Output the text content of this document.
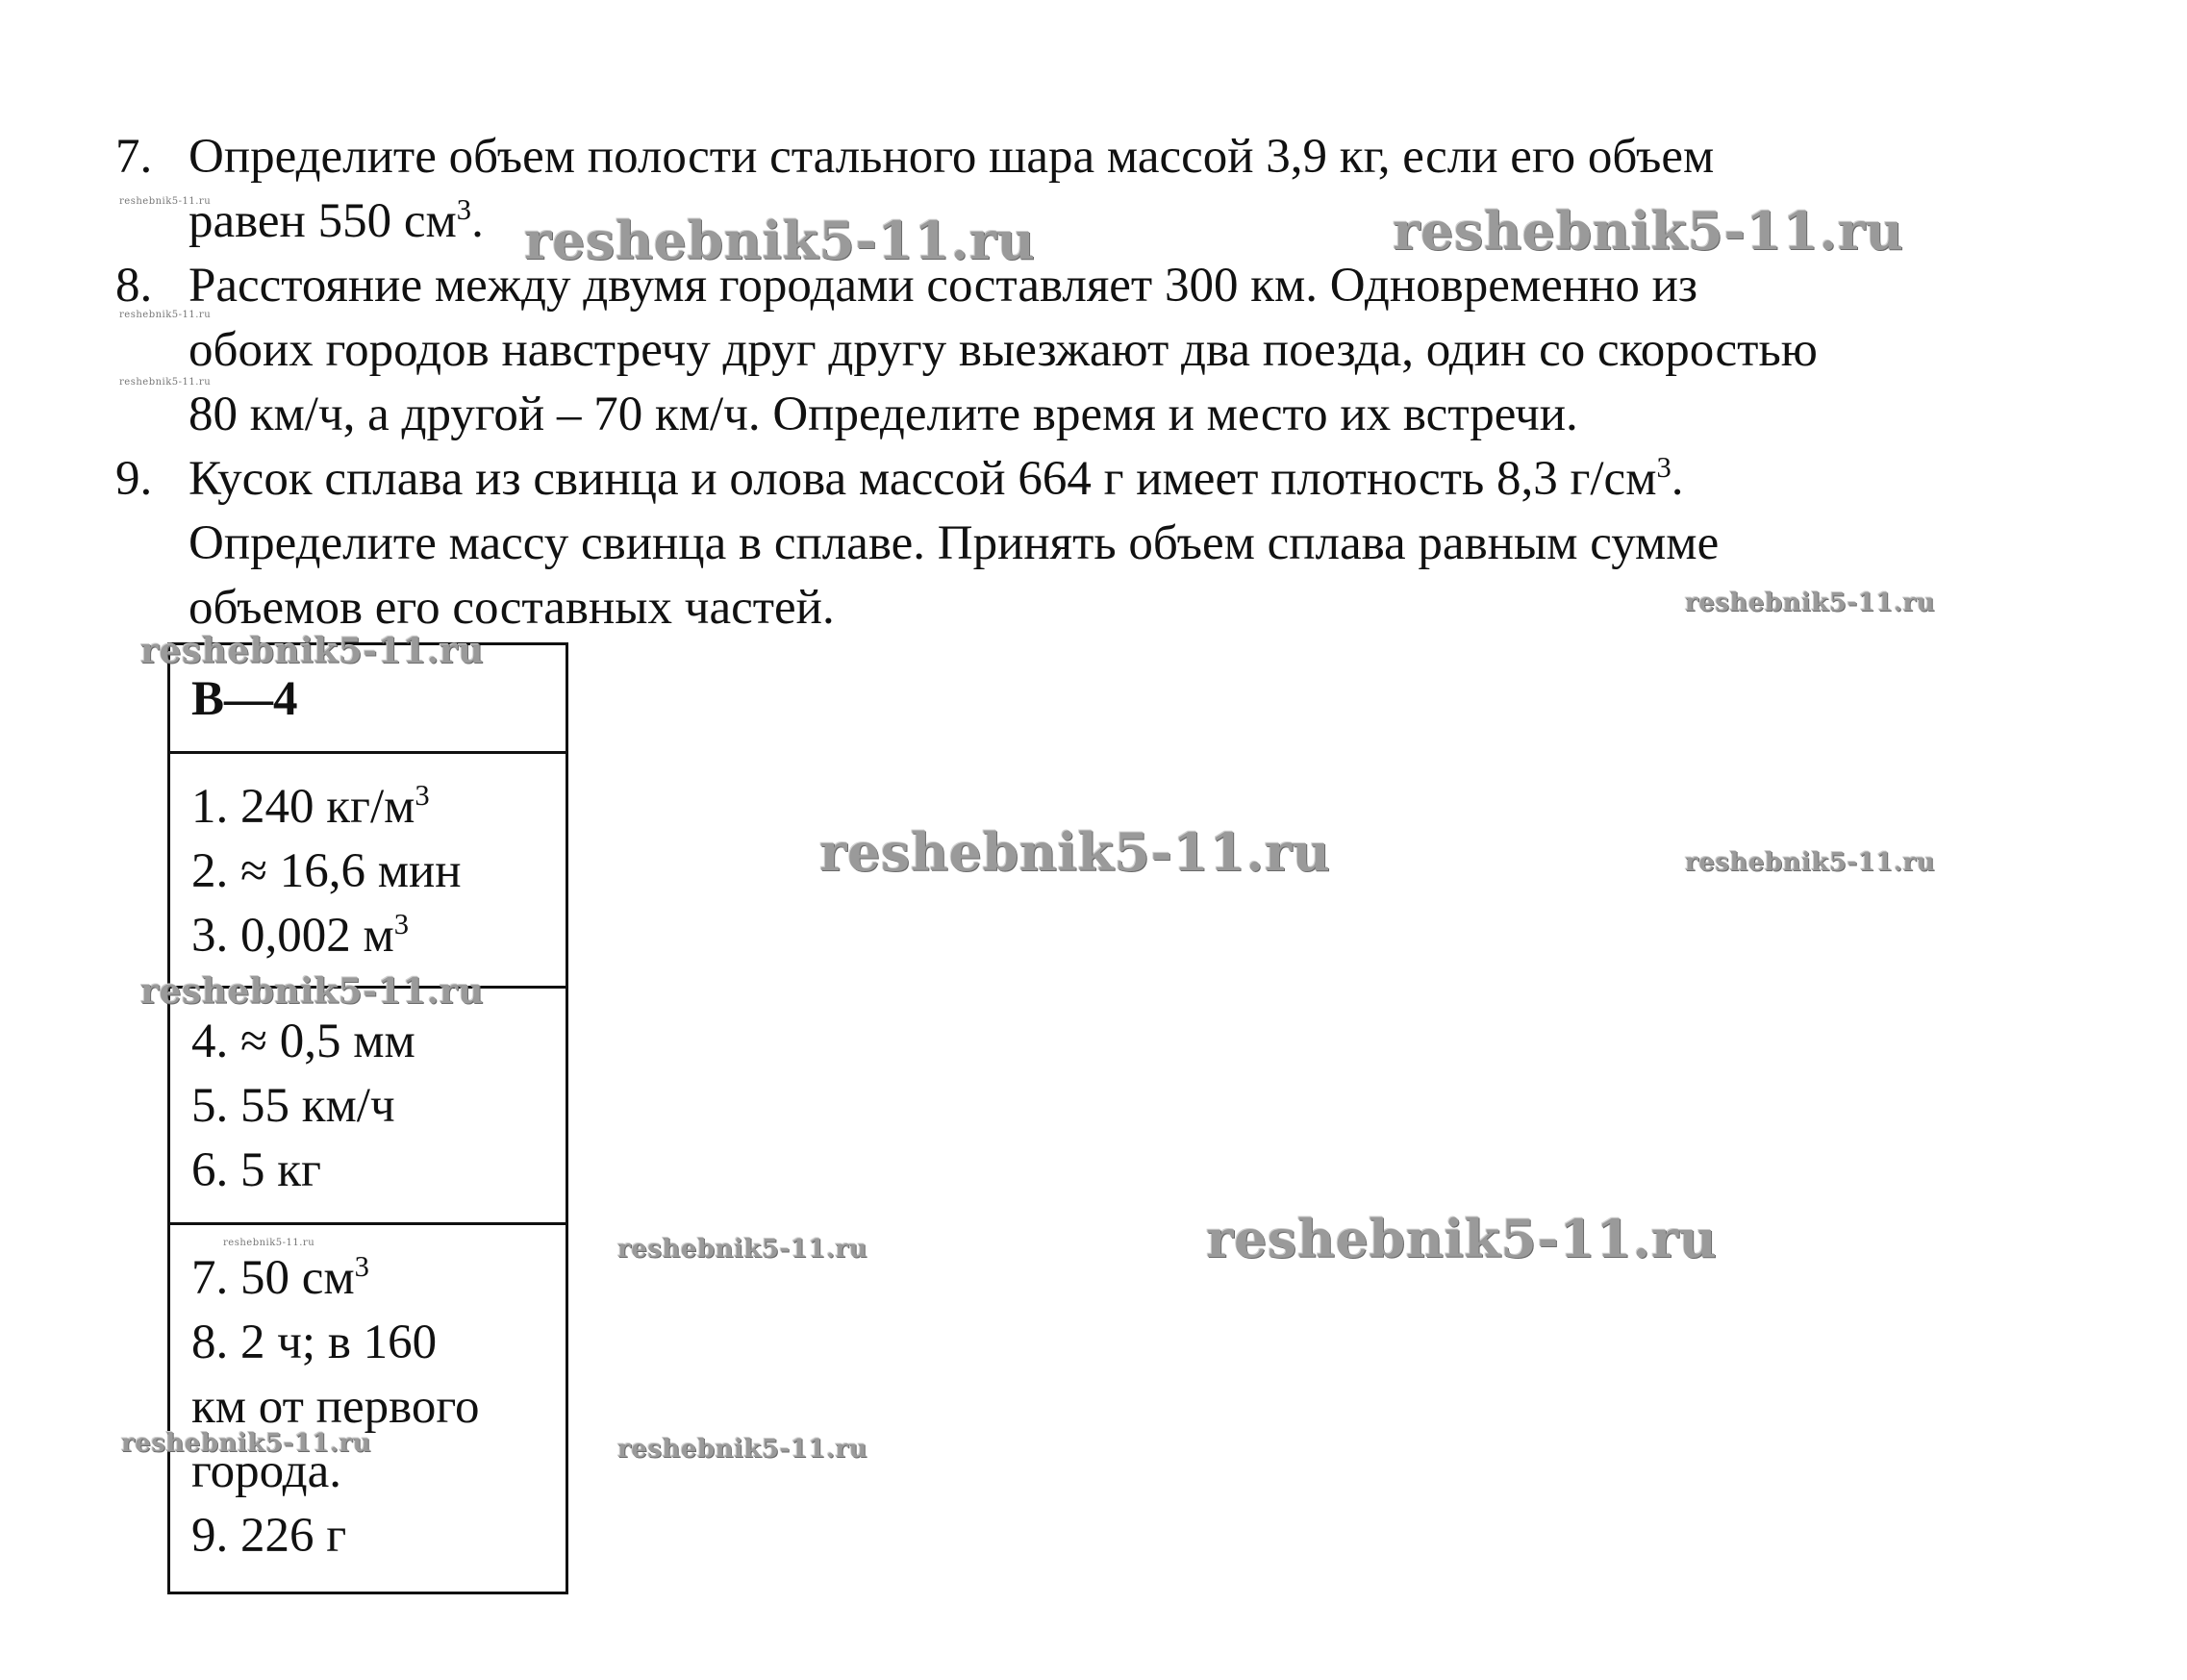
7. Определите объем полости стального шара массой 3,9 кг, если его объем
равен 550 $см^3$.
8. Расстояние между двумя городами составляет 300 км. Одновременно из
обоих городов навстречу друг другу выезжают два поезда, один со скоростью
80 км/ч, а другой – 70 км/ч. Определите время и место их встречи.
9. Кусок сплава из свинца и олова массой 664 г имеет плотность 8,3 $г/см^3$.
Определите массу свинца в сплаве. Принять объем сплава равным сумме
объемов его составных частей.
В—4
1. 240 $кг/м^3$
2. ≈ 16,6 мин
3. 0,002 $м^3$
4. ≈ 0,5 мм
5. 55 км/ч
6. 5 кг
7. 50 $см^3$
8. 2 ч; в 160
км от первого
города.
9. 226 г
reshebnik5-11.ru	reshebnik5-11.ru
reshebnik5-11.ru
reshebnik5-11.ru
reshebnik5-11.ru	reshebnik5-11.ru
reshebnik5-11.ru
reshebnik5-11.ru
reshebnik5-11.ru
reshebnik5-11.ru
reshebnik5-11.ru
reshebnik5-11.ru
reshebnik5-11.ru
reshebnik5-11.ru
reshebnik5-11.ru
